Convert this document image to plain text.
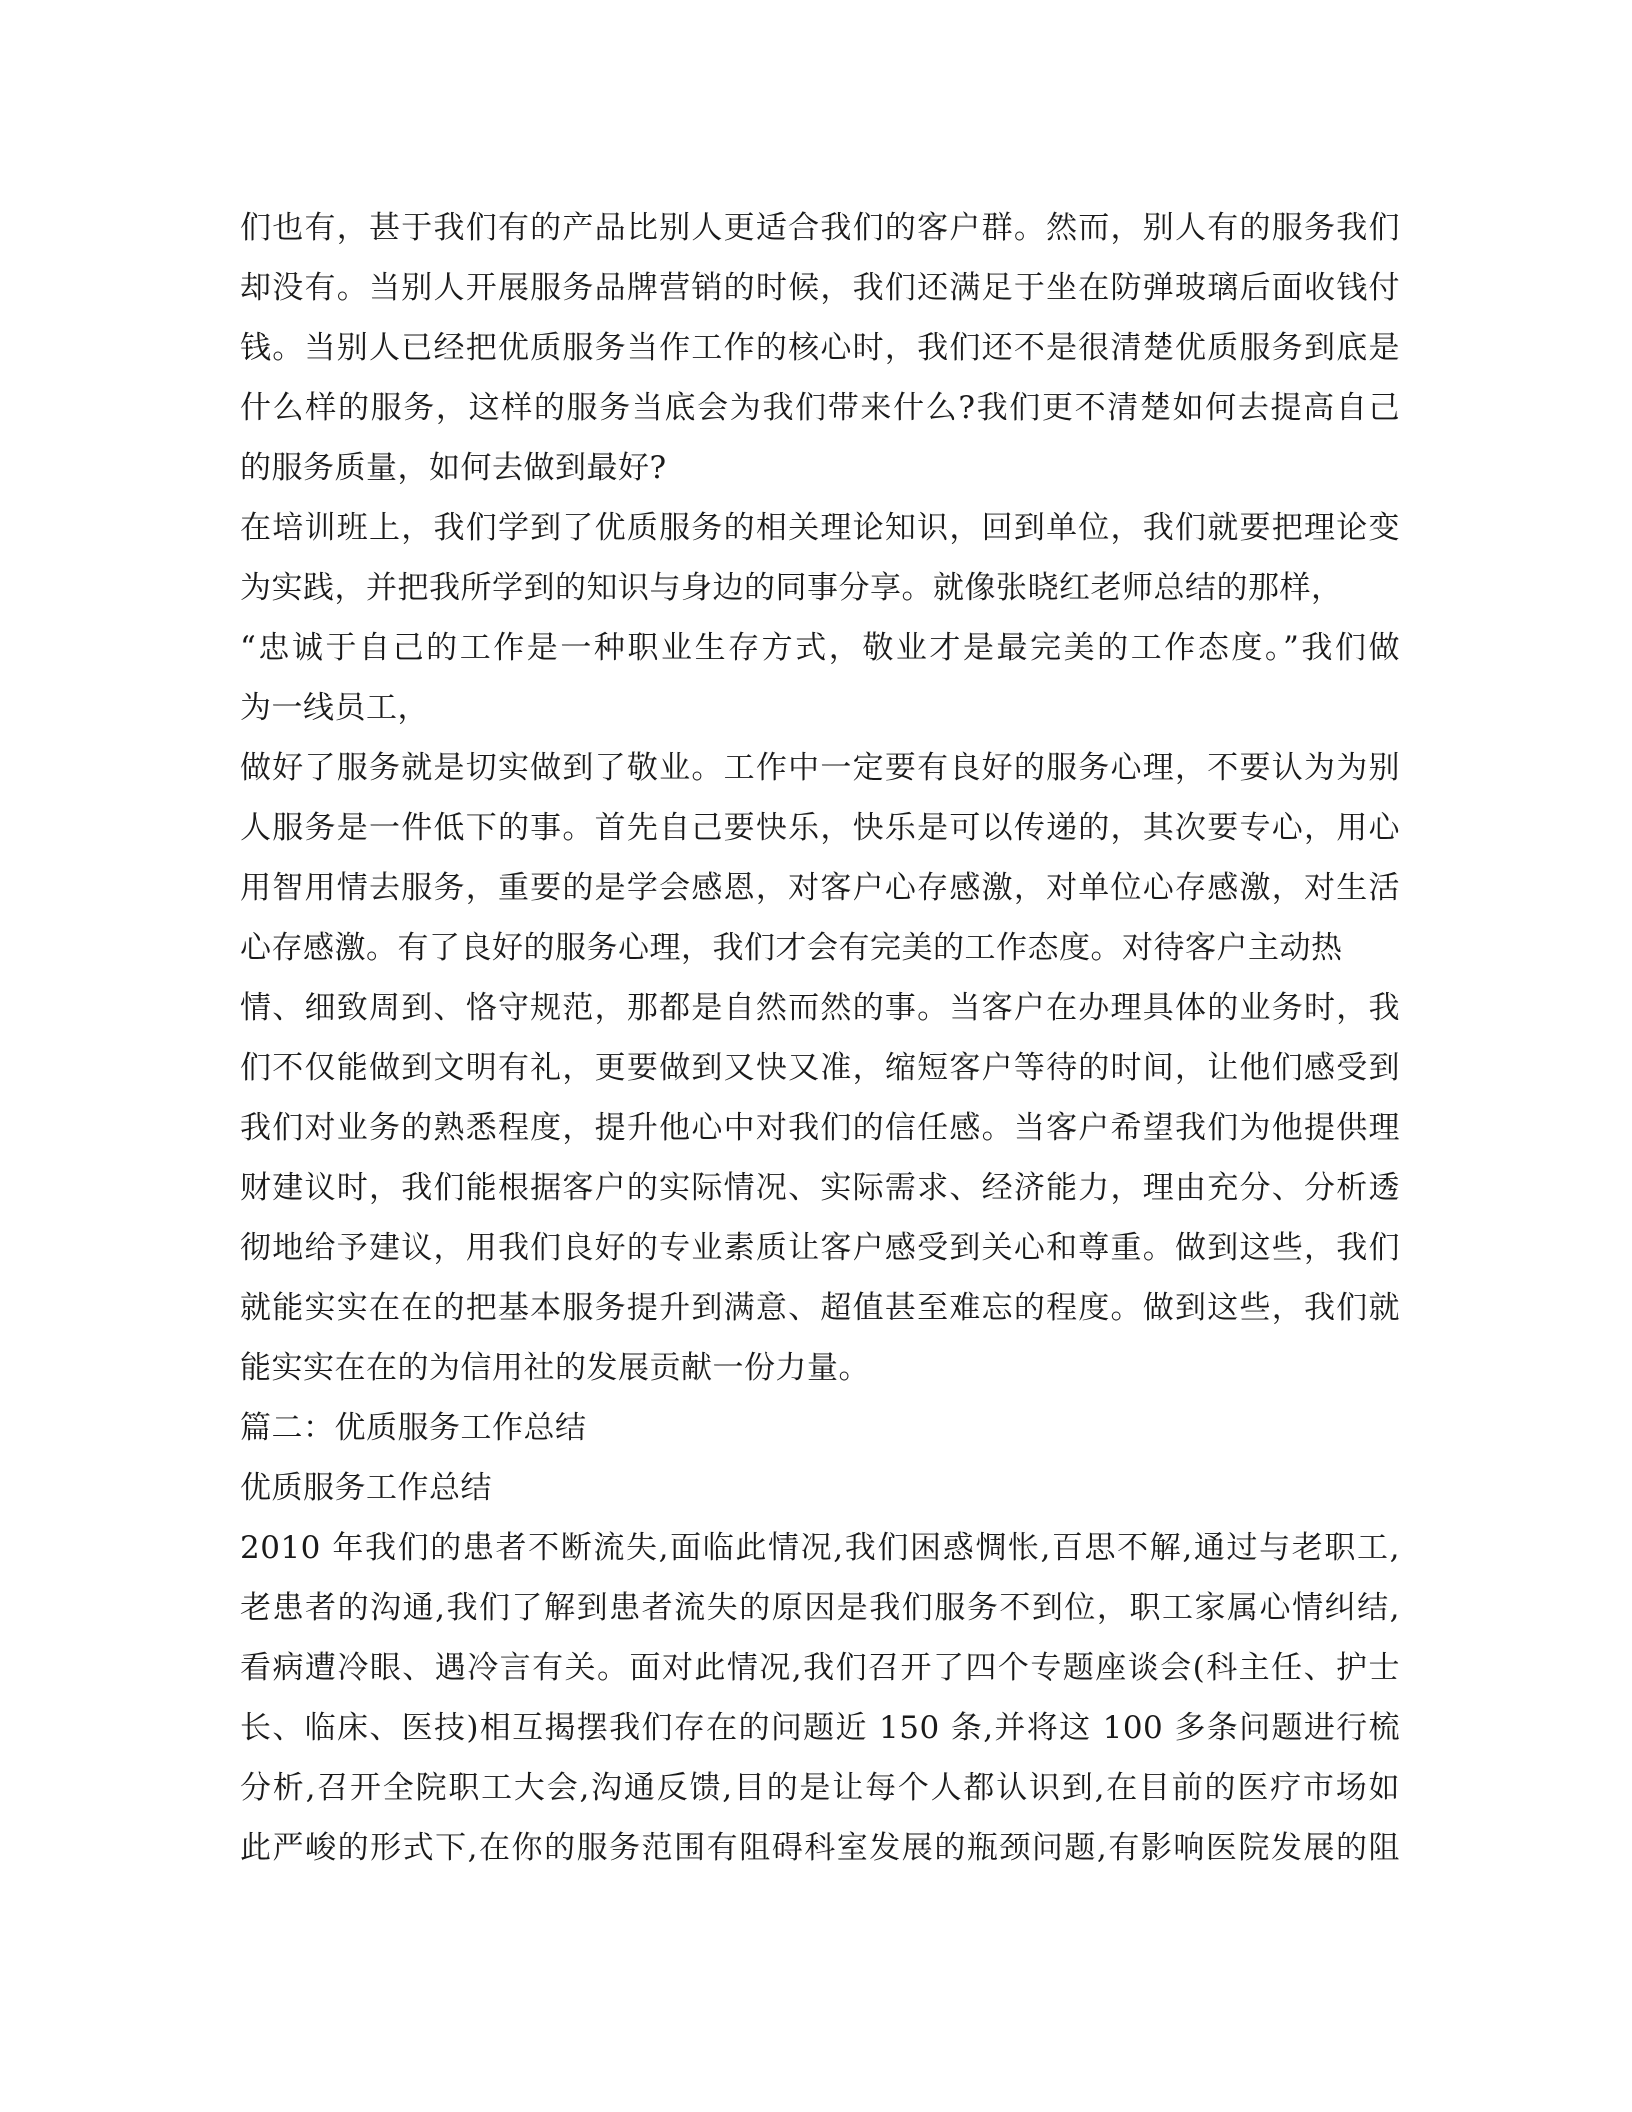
们也有，甚于我们有的产品比别人更适合我们的客户群。然而，别人有的服务我们
却没有。当别人开展服务品牌营销的时候，我们还满足于坐在防弹玻璃后面收钱付
钱。当别人已经把优质服务当作工作的核心时，我们还不是很清楚优质服务到底是
什么样的服务，这样的服务当底会为我们带来什么?我们更不清楚如何去提高自己
的服务质量，如何去做到最好?
在培训班上，我们学到了优质服务的相关理论知识，回到单位，我们就要把理论变
为实践，并把我所学到的知识与身边的同事分享。就像张晓红老师总结的那样，
“忠诚于自己的工作是一种职业生存方式，敬业才是最完美的工作态度。”我们做
为一线员工，
做好了服务就是切实做到了敬业。工作中一定要有良好的服务心理，不要认为为别
人服务是一件低下的事。首先自己要快乐，快乐是可以传递的，其次要专心，用心
用智用情去服务，重要的是学会感恩，对客户心存感激，对单位心存感激，对生活
心存感激。有了良好的服务心理，我们才会有完美的工作态度。对待客户主动热
情、细致周到、恪守规范，那都是自然而然的事。当客户在办理具体的业务时，我
们不仅能做到文明有礼，更要做到又快又准，缩短客户等待的时间，让他们感受到
我们对业务的熟悉程度，提升他心中对我们的信任感。当客户希望我们为他提供理
财建议时，我们能根据客户的实际情况、实际需求、经济能力，理由充分、分析透
彻地给予建议，用我们良好的专业素质让客户感受到关心和尊重。做到这些，我们
就能实实在在的把基本服务提升到满意、超值甚至难忘的程度。做到这些，我们就
能实实在在的为信用社的发展贡献一份力量。
篇二：优质服务工作总结
优质服务工作总结
2010 年我们的患者不断流失,面临此情况,我们困惑惆怅,百思不解,通过与老职工,
老患者的沟通,我们了解到患者流失的原因是我们服务不到位，职工家属心情纠结,
看病遭冷眼、遇冷言有关。面对此情况,我们召开了四个专题座谈会(科主任、护士
长、临床、医技)相互揭摆我们存在的问题近 150 条,并将这 100 多条问题进行梳
分析,召开全院职工大会,沟通反馈,目的是让每个人都认识到,在目前的医疗市场如
此严峻的形式下,在你的服务范围有阻碍科室发展的瓶颈问题,有影响医院发展的阻
